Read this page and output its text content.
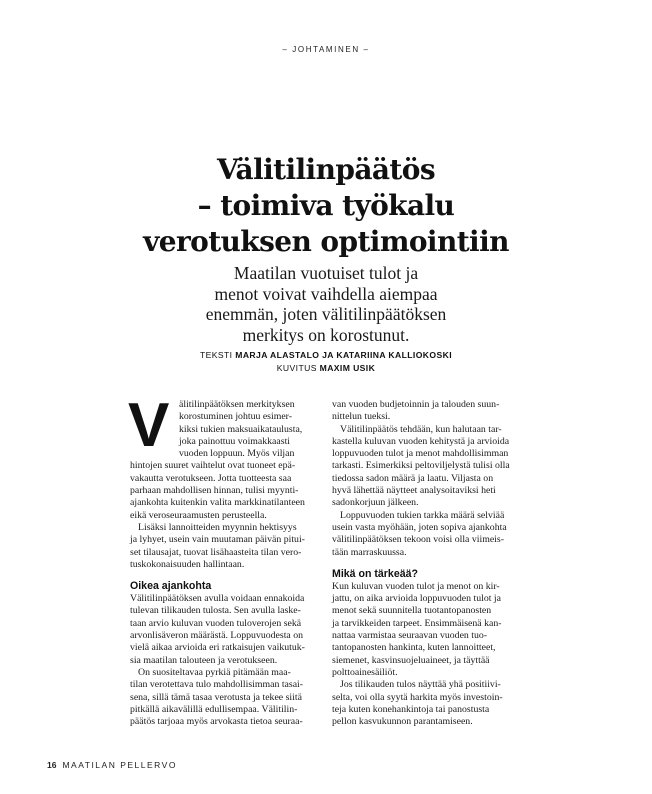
– JOHTAMINEN –
Välitilinpäätös
– toimiva työkalu
verotuksen optimointiin
Maatilan vuotuiset tulot ja
menot voivat vaihdella aiempaa
enemmän, joten välitilinpäätöksen
merkitys on korostunut.
TEKSTI MARJA ALASTALO JA KATARIINA KALLIOKOSKI
KUVITUS MAXIM USIK
V älitilinpäätöksen merkityksen
korostuminen johtuu esimer-
kiksi tukien maksuaikataulusta,
joka painottuu voimakkaasti
vuoden loppuun. Myös viljan
hintojen suuret vaihtelut ovat tuoneet epä-
vakautta verotukseen. Jotta tuotteesta saa
parhaan mahdollisen hinnan, tulisi myynti-
ajankohta kuitenkin valita markkinatilanteen
eikä veroseuraamusten perusteella.
Lisäksi lannoitteiden myynnin hektisyys
ja lyhyet, usein vain muutaman päivän pitui-
set tilausajat, tuovat lisähaasteita tilan vero-
tuskokonaisuuden hallintaan.
Oikea ajankohta
Välitilinpäätöksen avulla voidaan ennakoida
tulevan tilikauden tulosta. Sen avulla laske-
taan arvio kuluvan vuoden tuloverojen sekä
arvonlisäveron määrästä. Loppuvuodesta on
vielä aikaa arvioida eri ratkaisujen vaikutuk-
sia maatilan talouteen ja verotukseen.
On suositeltavaa pyrkiä pitämään maa-
tilan verotettava tulo mahdollisimman tasai-
sena, sillä tämä tasaa verotusta ja tekee siitä
pitkällä aikavälillä edullisempaa. Välitilin-
päätös tarjoaa myös arvokasta tietoa seuraa-
van vuoden budjetoinnin ja talouden suun-
nittelun tueksi.
Välitilinpäätös tehdään, kun halutaan tar-
kastella kuluvan vuoden kehitystä ja arvioida
loppuvuoden tulot ja menot mahdollisimman
tarkasti. Esimerkiksi peltoviljelystä tulisi olla
tiedossa sadon määrä ja laatu. Viljasta on
hyvä lähettää näytteet analysoitaviksi heti
sadonkorjuun jälkeen.
Loppuvuoden tukien tarkka määrä selviää
usein vasta myöhään, joten sopiva ajankohta
välitilinpäätöksen tekoon voisi olla viimeis-
tään marraskuussa.
Mikä on tärkeää?
Kun kuluvan vuoden tulot ja menot on kir-
jattu, on aika arvioida loppuvuoden tulot ja
menot sekä suunnitella tuotantopanosten
ja tarvikkeiden tarpeet. Ensimmäisenä kan-
nattaa varmistaa seuraavan vuoden tuo-
tantopanosten hankinta, kuten lannoitteet,
siemenet, kasvinsuojeluaineet, ja täyttää
polttoainesäiliöt.
Jos tilikauden tulos näyttää yhä positiivi-
selta, voi olla syytä harkita myös investoin-
teja kuten konehankintoja tai panostusta
pellon kasvukunnon parantamiseen.
16 MAATILAN PELLERVO
